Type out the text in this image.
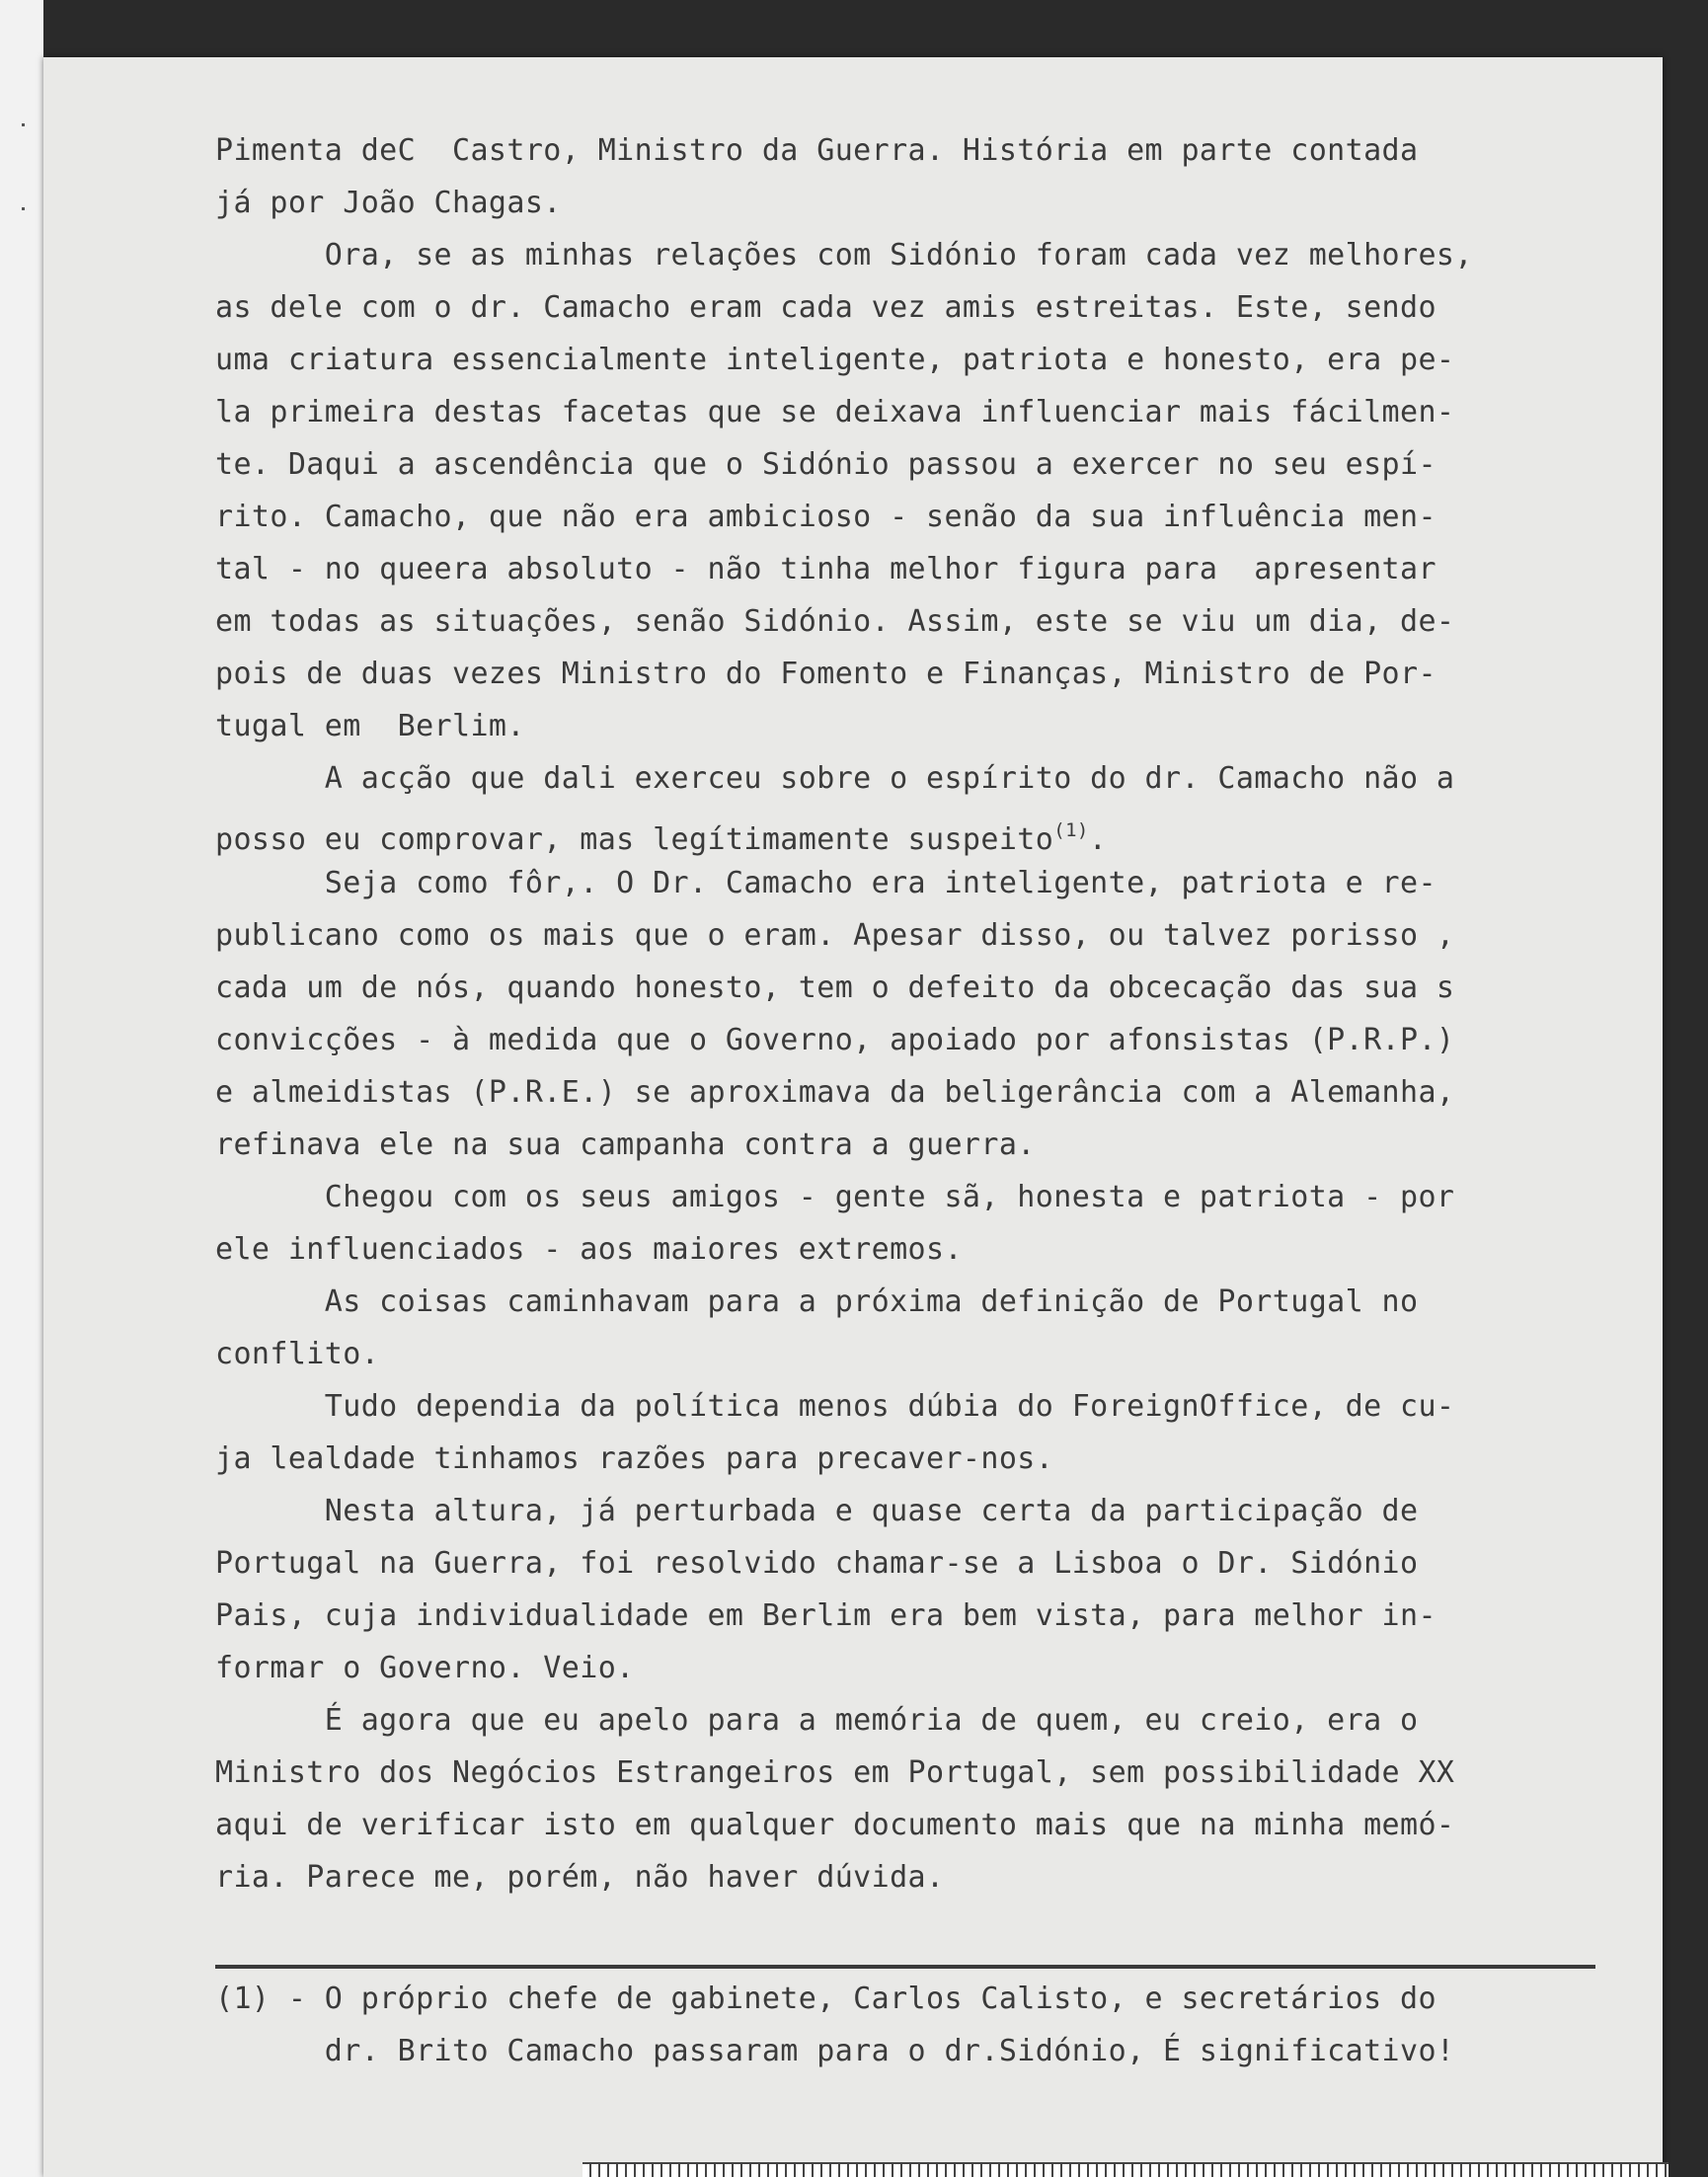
Pimenta deC  Castro, Ministro da Guerra. História em parte contada
já por João Chagas.
Ora, se as minhas relações com Sidónio foram cada vez melhores,
as dele com o dr. Camacho eram cada vez amis estreitas. Este, sendo
uma criatura essencialmente inteligente, patriota e honesto, era pe-
la primeira destas facetas que se deixava influenciar mais fácilmen-
te. Daqui a ascendência que o Sidónio passou a exercer no seu espí-
rito. Camacho, que não era ambicioso - senão da sua influência men-
tal - no queera absoluto - não tinha melhor figura para  apresentar
em todas as situações, senão Sidónio. Assim, este se viu um dia, de-
pois de duas vezes Ministro do Fomento e Finanças, Ministro de Por-
tugal em  Berlim.
A acção que dali exerceu sobre o espírito do dr. Camacho não a
posso eu comprovar, mas legítimamente suspeito$^{(1)}$.
Seja como fôr,. O Dr. Camacho era inteligente, patriota e re-
publicano como os mais que o eram. Apesar disso, ou talvez porisso ,
cada um de nós, quando honesto, tem o defeito da obcecação das sua s
convicções - à medida que o Governo, apoiado por afonsistas (P.R.P.)
e almeidistas (P.R.E.) se aproximava da beligerância com a Alemanha,
refinava ele na sua campanha contra a guerra.
Chegou com os seus amigos - gente sã, honesta e patriota - por
ele influenciados - aos maiores extremos.
As coisas caminhavam para a próxima definição de Portugal no
conflito.
Tudo dependia da política menos dúbia do ForeignOffice, de cu-
ja lealdade tinhamos razões para precaver-nos.
Nesta altura, já perturbada e quase certa da participação de
Portugal na Guerra, foi resolvido chamar-se a Lisboa o Dr. Sidónio
Pais, cuja individualidade em Berlim era bem vista, para melhor in-
formar o Governo. Veio.
É agora que eu apelo para a memória de quem, eu creio, era o
Ministro dos Negócios Estrangeiros em Portugal, sem possibilidade XX
aqui de verificar isto em qualquer documento mais que na minha memó-
ria. Parece me, porém, não haver dúvida.
(1) - O próprio chefe de gabinete, Carlos Calisto, e secretários do
dr. Brito Camacho passaram para o dr.Sidónio, É significativo!
